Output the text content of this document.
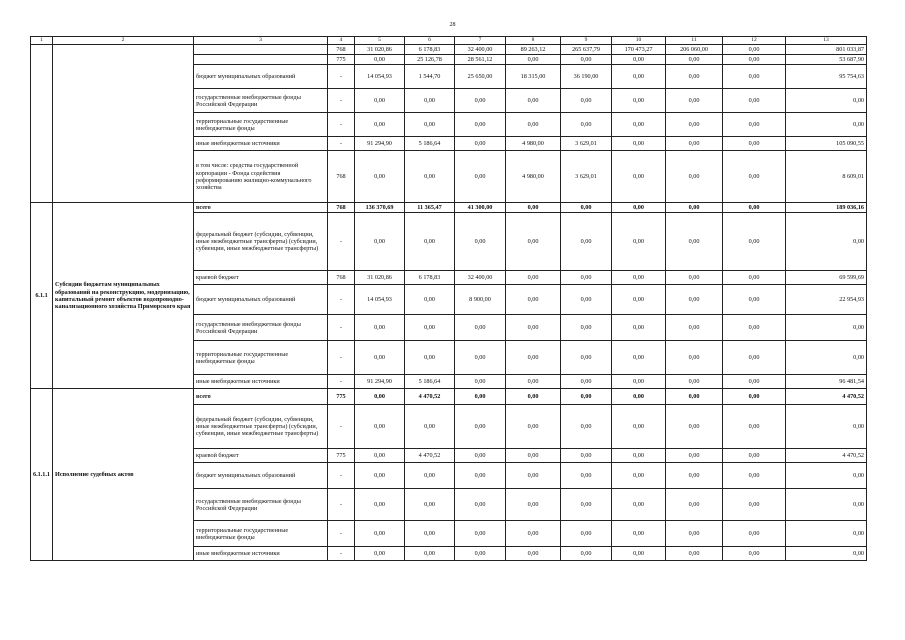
28
1	2	3	4	5	6	7	8	9	10	11	12	13
			768	31 020,86	6 178,83	32 400,00	89 263,12	265 637,79	170 473,27	206 060,00	0,00	801 033,87
			775	0,00	25 126,78	28 561,12	0,00	0,00	0,00	0,00	0,00	53 687,90
		бюджет муниципальных образований	-	14 054,93	1 544,70	25 650,00	18 315,00	36 190,00	0,00	0,00	0,00	95 754,63
		государственные внебюджетные фонды Российской Федерации	-	0,00	0,00	0,00	0,00	0,00	0,00	0,00	0,00	0,00
		территориальные государственные внебюджетные фонды	-	0,00	0,00	0,00	0,00	0,00	0,00	0,00	0,00	0,00
		иные внебюджетные источники	-	91 294,90	5 186,64	0,00	4 980,00	3 629,01	0,00	0,00	0,00	105 090,55
		в том числе: средства государственной корпорации - Фонда содействия реформированию жилищно-коммунального хозяйства	768	0,00	0,00	0,00	4 980,00	3 629,01	0,00	0,00	0,00	8 609,01
6.1.1	Субсидии бюджетам муниципальных образований на реконструкцию, модернизацию, капитальный ремонт объектов водопроводно-канализационного хозяйства Приморского края	всего	768	136 370,69	11 365,47	41 300,00	0,00	0,00	0,00	0,00	0,00	189 036,16
		федеральный бюджет (субсидии, субвенции, иные межбюджетные трансферты) (субсидии, субвенции, иные межбюджетные трансферты)	-	0,00	0,00	0,00	0,00	0,00	0,00	0,00	0,00	0,00
		краевой бюджет	768	31 020,86	6 178,83	32 400,00	0,00	0,00	0,00	0,00	0,00	69 599,69
		бюджет муниципальных образований	-	14 054,93	0,00	8 900,00	0,00	0,00	0,00	0,00	0,00	22 954,93
		государственные внебюджетные фонды Российской Федерации	-	0,00	0,00	0,00	0,00	0,00	0,00	0,00	0,00	0,00
		территориальные государственные внебюджетные фонды	-	0,00	0,00	0,00	0,00	0,00	0,00	0,00	0,00	0,00
		иные внебюджетные источники	-	91 294,90	5 186,64	0,00	0,00	0,00	0,00	0,00	0,00	96 481,54
6.1.1.1	Исполнение судебных актов	всего	775	0,00	4 470,52	0,00	0,00	0,00	0,00	0,00	0,00	4 470,52
		федеральный бюджет (субсидии, субвенции, иные межбюджетные трансферты) (субсидии, субвенции, иные межбюджетные трансферты)	-	0,00	0,00	0,00	0,00	0,00	0,00	0,00	0,00	0,00
		краевой бюджет	775	0,00	4 470,52	0,00	0,00	0,00	0,00	0,00	0,00	4 470,52
		бюджет муниципальных образований	-	0,00	0,00	0,00	0,00	0,00	0,00	0,00	0,00	0,00
		государственные внебюджетные фонды Российской Федерации	-	0,00	0,00	0,00	0,00	0,00	0,00	0,00	0,00	0,00
		территориальные государственные внебюджетные фонды	-	0,00	0,00	0,00	0,00	0,00	0,00	0,00	0,00	0,00
		иные внебюджетные источники	-	0,00	0,00	0,00	0,00	0,00	0,00	0,00	0,00	0,00
